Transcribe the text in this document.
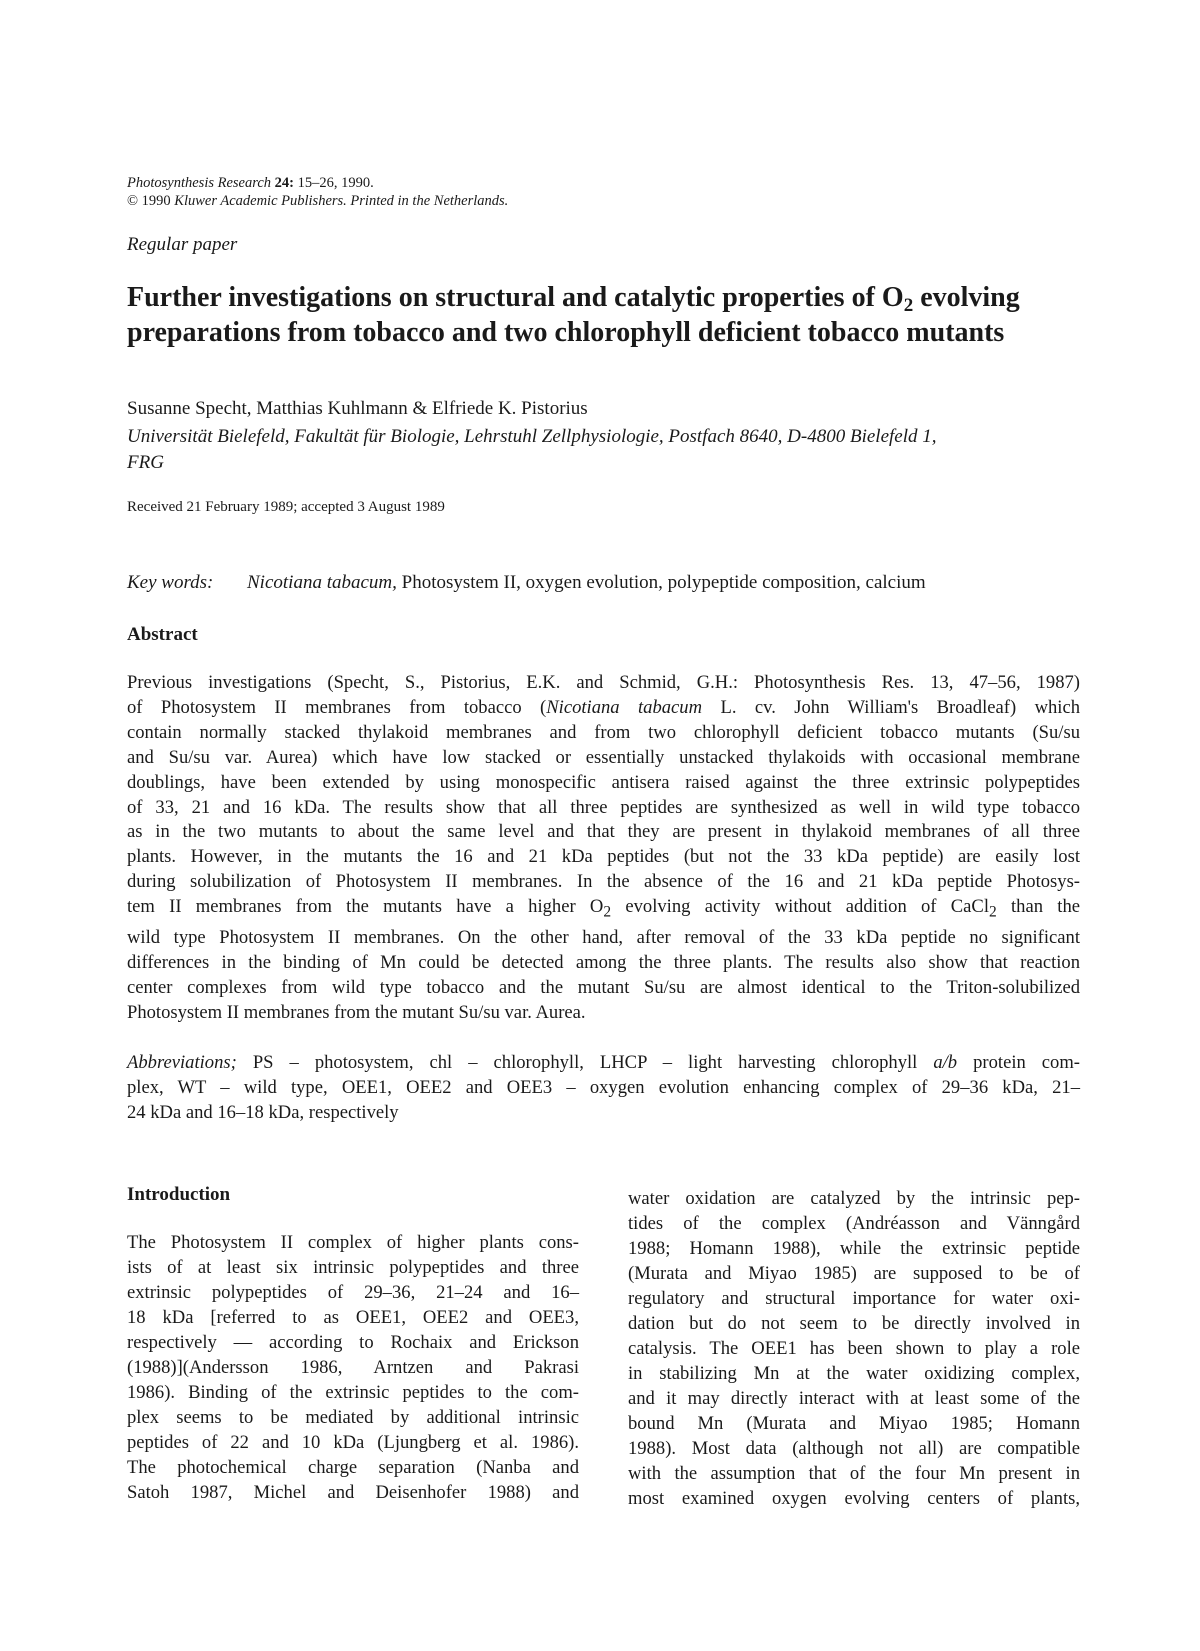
Photosynthesis Research 24: 15–26, 1990.
© 1990 Kluwer Academic Publishers. Printed in the Netherlands.
Regular paper
Further investigations on structural and catalytic properties of $O_2$ evolving
preparations from tobacco and two chlorophyll deficient tobacco mutants
Susanne Specht, Matthias Kuhlmann & Elfriede K. Pistorius
Universität Bielefeld, Fakultät für Biologie, Lehrstuhl Zellphysiologie, Postfach 8640, D-4800 Bielefeld 1,
FRG
Received 21 February 1989; accepted 3 August 1989
Key words: Nicotiana tabacum, Photosystem II, oxygen evolution, polypeptide composition, calcium
Abstract
Previous investigations (Specht, S., Pistorius, E.K. and Schmid, G.H.: Photosynthesis Res. 13, 47–56, 1987)
of Photosystem II membranes from tobacco (Nicotiana tabacum L. cv. John William's Broadleaf) which
contain normally stacked thylakoid membranes and from two chlorophyll deficient tobacco mutants (Su/su
and Su/su var. Aurea) which have low stacked or essentially unstacked thylakoids with occasional membrane
doublings, have been extended by using monospecific antisera raised against the three extrinsic polypeptides
of 33, 21 and 16 kDa. The results show that all three peptides are synthesized as well in wild type tobacco
as in the two mutants to about the same level and that they are present in thylakoid membranes of all three
plants. However, in the mutants the 16 and 21 kDa peptides (but not the 33 kDa peptide) are easily lost
during solubilization of Photosystem II membranes. In the absence of the 16 and 21 kDa peptide Photosys-
tem II membranes from the mutants have a higher $O_2$ evolving activity without addition of CaCl$_2$ than the
wild type Photosystem II membranes. On the other hand, after removal of the 33 kDa peptide no significant
differences in the binding of Mn could be detected among the three plants. The results also show that reaction
center complexes from wild type tobacco and the mutant Su/su are almost identical to the Triton-solubilized
Photosystem II membranes from the mutant Su/su var. Aurea.
Abbreviations; PS – photosystem, chl – chlorophyll, LHCP – light harvesting chlorophyll a/b protein com-
plex, WT – wild type, OEE1, OEE2 and OEE3 – oxygen evolution enhancing complex of 29–36 kDa, 21–
24 kDa and 16–18 kDa, respectively
Introduction
The Photosystem II complex of higher plants cons-
ists of at least six intrinsic polypeptides and three
extrinsic polypeptides of 29–36, 21–24 and 16–
18 kDa [referred to as OEE1, OEE2 and OEE3,
respectively — according to Rochaix and Erickson
(1988)](Andersson 1986, Arntzen and Pakrasi
1986). Binding of the extrinsic peptides to the com-
plex seems to be mediated by additional intrinsic
peptides of 22 and 10 kDa (Ljungberg et al. 1986).
The photochemical charge separation (Nanba and
Satoh 1987, Michel and Deisenhofer 1988) and
water oxidation are catalyzed by the intrinsic pep-
tides of the complex (Andréasson and Vänngård
1988; Homann 1988), while the extrinsic peptide
(Murata and Miyao 1985) are supposed to be of
regulatory and structural importance for water oxi-
dation but do not seem to be directly involved in
catalysis. The OEE1 has been shown to play a role
in stabilizing Mn at the water oxidizing complex,
and it may directly interact with at least some of the
bound Mn (Murata and Miyao 1985; Homann
1988). Most data (although not all) are compatible
with the assumption that of the four Mn present in
most examined oxygen evolving centers of plants,
